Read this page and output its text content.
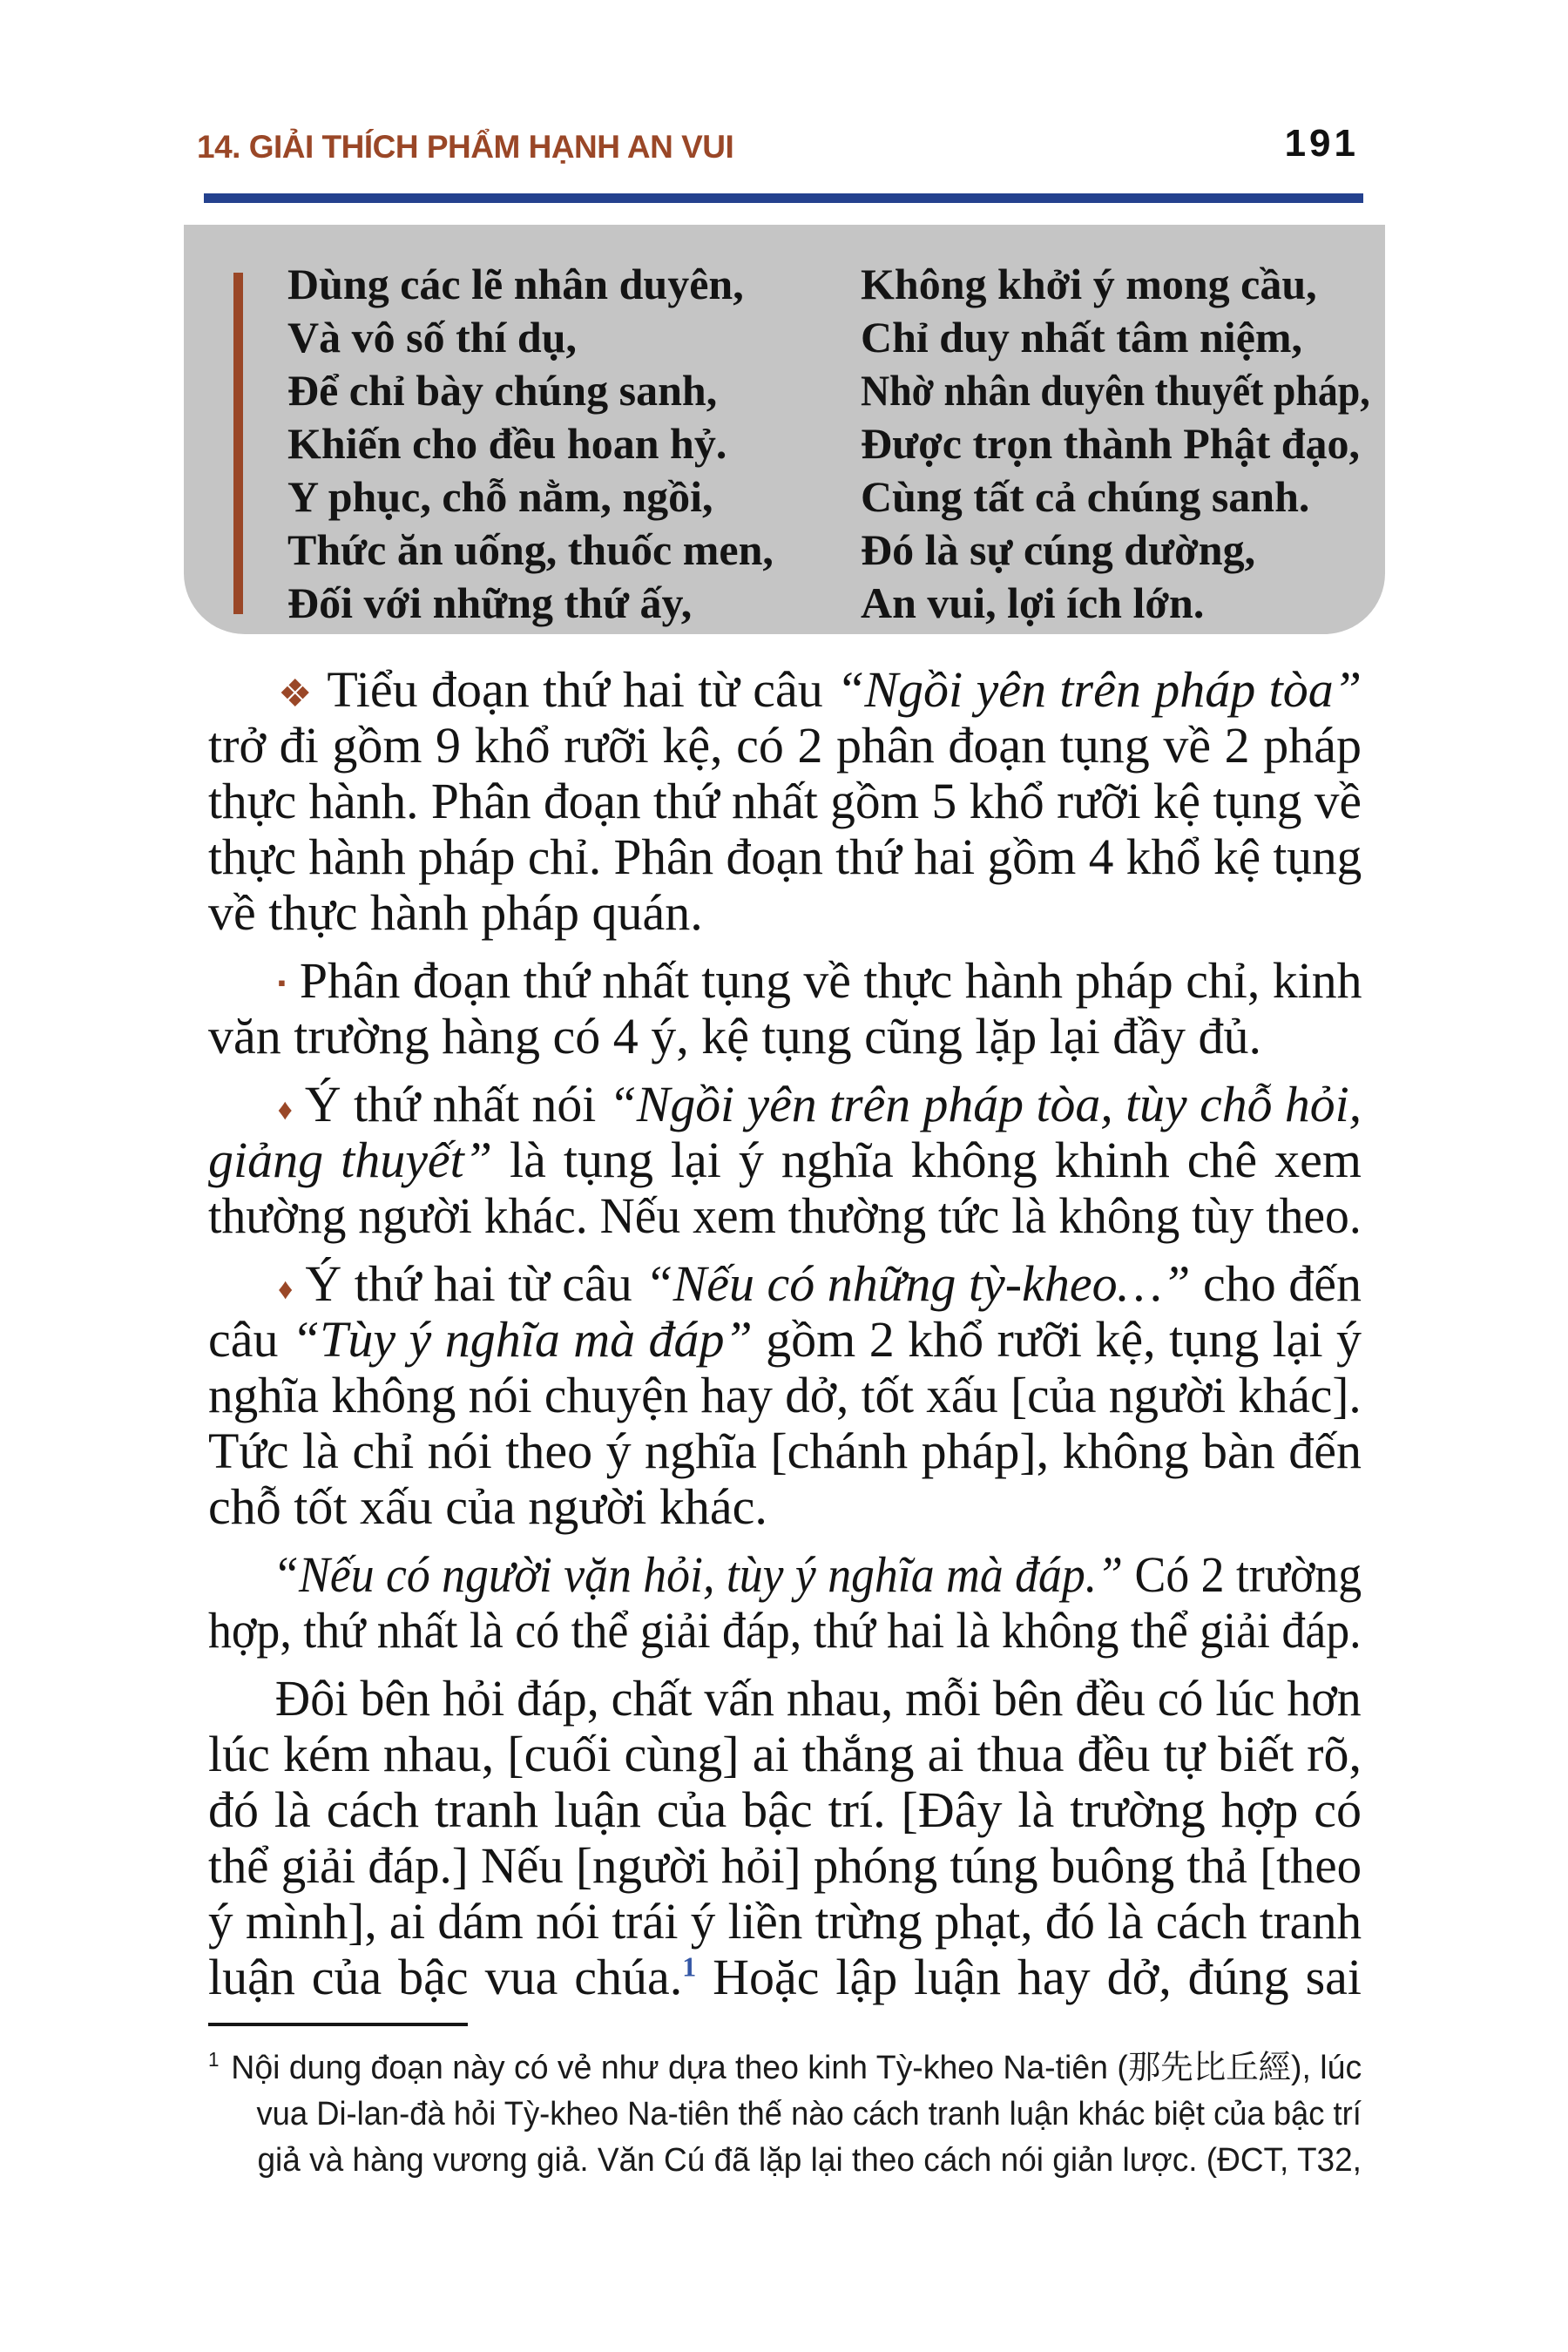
14. GIẢI THÍCH PHẨM HẠNH AN VUI	191
Dùng các lẽ nhân duyên,
Và vô số thí dụ,
Để chỉ bày chúng sanh,
Khiến cho đều hoan hỷ.
Y phục, chỗ nằm, ngồi,
Thức ăn uống, thuốc men,
Đối với những thứ ấy,
Không khởi ý mong cầu,
Chỉ duy nhất tâm niệm,
Nhờ nhân duyên thuyết pháp,
Được trọn thành Phật đạo,
Cùng tất cả chúng sanh.
Đó là sự cúng dường,
An vui, lợi ích lớn.
❖ Tiểu đoạn thứ hai từ câu “Ngồi yên trên pháp tòa”
trở đi gồm 9 khổ rưỡi kệ, có 2 phân đoạn tụng về 2 pháp
thực hành. Phân đoạn thứ nhất gồm 5 khổ rưỡi kệ tụng về
thực hành pháp chỉ. Phân đoạn thứ hai gồm 4 khổ kệ tụng
về thực hành pháp quán.
▪ Phân đoạn thứ nhất tụng về thực hành pháp chỉ, kinh
văn trường hàng có 4 ý, kệ tụng cũng lặp lại đầy đủ.
♦ Ý thứ nhất nói “Ngồi yên trên pháp tòa, tùy chỗ hỏi,
giảng thuyết” là tụng lại ý nghĩa không khinh chê xem
thường người khác. Nếu xem thường tức là không tùy theo.
♦ Ý thứ hai từ câu “Nếu có những tỳ-kheo…” cho đến
câu “Tùy ý nghĩa mà đáp” gồm 2 khổ rưỡi kệ, tụng lại ý
nghĩa không nói chuyện hay dở, tốt xấu [của người khác].
Tức là chỉ nói theo ý nghĩa [chánh pháp], không bàn đến
chỗ tốt xấu của người khác.
“Nếu có người vặn hỏi, tùy ý nghĩa mà đáp.” Có 2 trường
hợp, thứ nhất là có thể giải đáp, thứ hai là không thể giải đáp.
Đôi bên hỏi đáp, chất vấn nhau, mỗi bên đều có lúc hơn
lúc kém nhau, [cuối cùng] ai thắng ai thua đều tự biết rõ,
đó là cách tranh luận của bậc trí. [Đây là trường hợp có
thể giải đáp.] Nếu [người hỏi] phóng túng buông thả [theo
ý mình], ai dám nói trái ý liền trừng phạt, đó là cách tranh
luận của bậc vua chúa.$^1$ Hoặc lập luận hay dở, đúng sai
$^1$ Nội dung đoạn này có vẻ như dựa theo kinh Tỳ-kheo Na-tiên (那先比丘經), lúc
vua Di-lan-đà hỏi Tỳ-kheo Na-tiên thế nào cách tranh luận khác biệt của bậc trí
giả và hàng vương giả. Văn Cú đã lặp lại theo cách nói giản lược. (ĐCT, T32,
